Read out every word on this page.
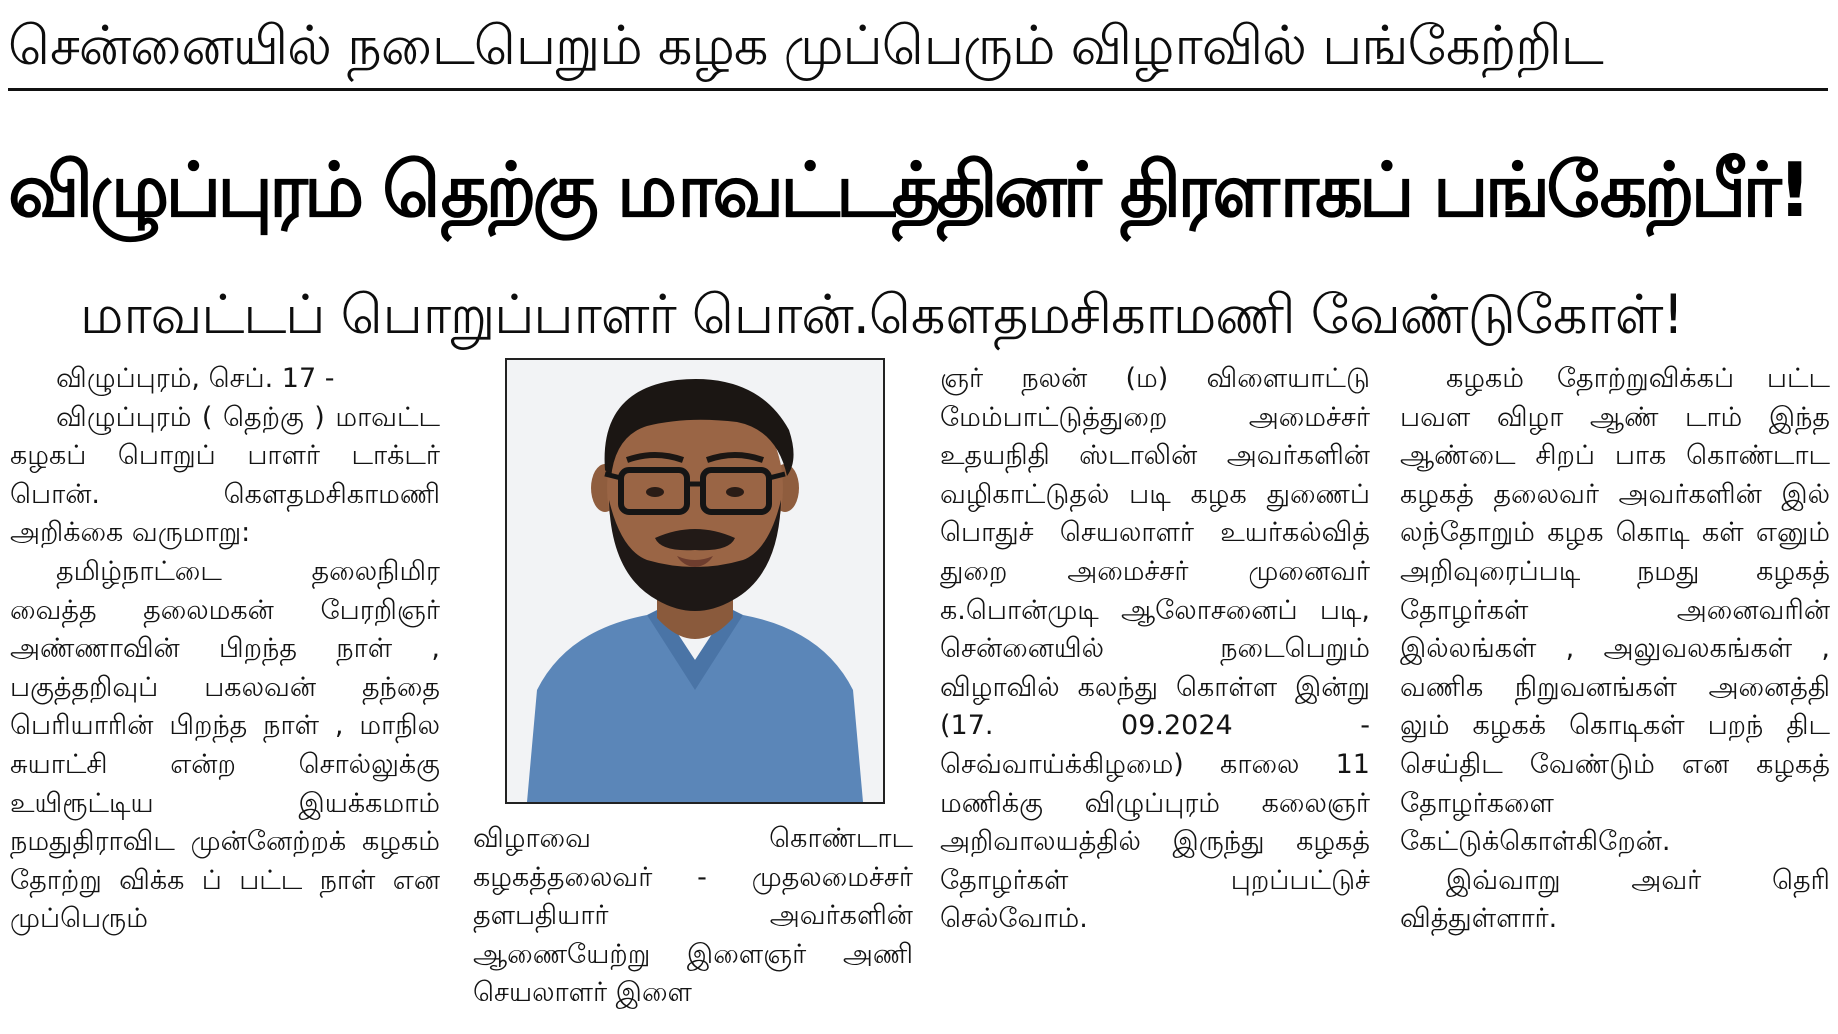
சென்னையில் நடைபெறும் கழக முப்பெரும் விழாவில் பங்கேற்றிட
விழுப்புரம் தெற்கு மாவட்டத்தினர் திரளாகப் பங்கேற்பீர்!
மாவட்டப் பொறுப்பாளர் பொன்.கௌதமசிகாமணி வேண்டுகோள்!

விழுப்புரம், செப். 17 -

விழுப்புரம் ( தெற்கு ) மாவட்ட கழகப் பொறுப் பாளர் டாக்டர் பொன். கௌதமசிகாமணி அறிக்கை வருமாறு:

தமிழ்நாட்டை தலைநிமிர வைத்த தலைமகன் பேரறிஞர் அண்ணாவின் பிறந்த நாள் , பகுத்தறிவுப் பகலவன் தந்தை பெரியாரின் பிறந்த நாள் , மாநில சுயாட்சி என்ற சொல்லுக்கு உயிரூட்டிய இயக்கமாம் நமதுதிராவிட முன்னேற்றக் கழகம் தோற்று விக்க ப் பட்ட நாள் என முப்பெரும்

விழாவை கொண்டாட கழகத்தலைவர் - முதலமைச்சர் தளபதியார் அவர்களின் ஆணையேற்று இளைஞர் அணி செயலாளர் இளை

ஞர் நலன் (ம) விளையாட்டு மேம்பாட்டுத்துறை அமைச்சர் உதயநிதி ஸ்டாலின் அவர்களின் வழிகாட்டுதல் படி கழக துணைப் பொதுச் செயலாளர் உயர்கல்வித் துறை அமைச்சர் முனைவர் க.பொன்முடி ஆலோசனைப் படி, சென்னையில் நடைபெறும் விழாவில் கலந்து கொள்ள இன்று (17. 09.2024 - செவ்வாய்க்கிழமை) காலை 11 மணிக்கு விழுப்புரம் கலைஞர் அறிவாலயத்தில் இருந்து கழகத் தோழர்கள் புறப்பட்டுச் செல்வோம்.

கழகம் தோற்றுவிக்கப் பட்ட பவள விழா ஆண் டாம் இந்த ஆண்டை சிறப் பாக கொண்டாட கழகத் தலைவர் அவர்களின் இல் லந்தோறும் கழக கொடி கள் எனும் அறிவுரைப்படி நமது கழகத் தோழர்கள் அனைவரின் இல்லங்கள் , அலுவலகங்கள் , வணிக நிறுவனங்கள் அனைத்தி லும் கழகக் கொடிகள் பறந் திட செய்திட வேண்டும் என கழகத் தோழர்களை கேட்டுக்கொள்கிறேன்.

இவ்வாறு அவர் தெரி வித்துள்ளார்.
